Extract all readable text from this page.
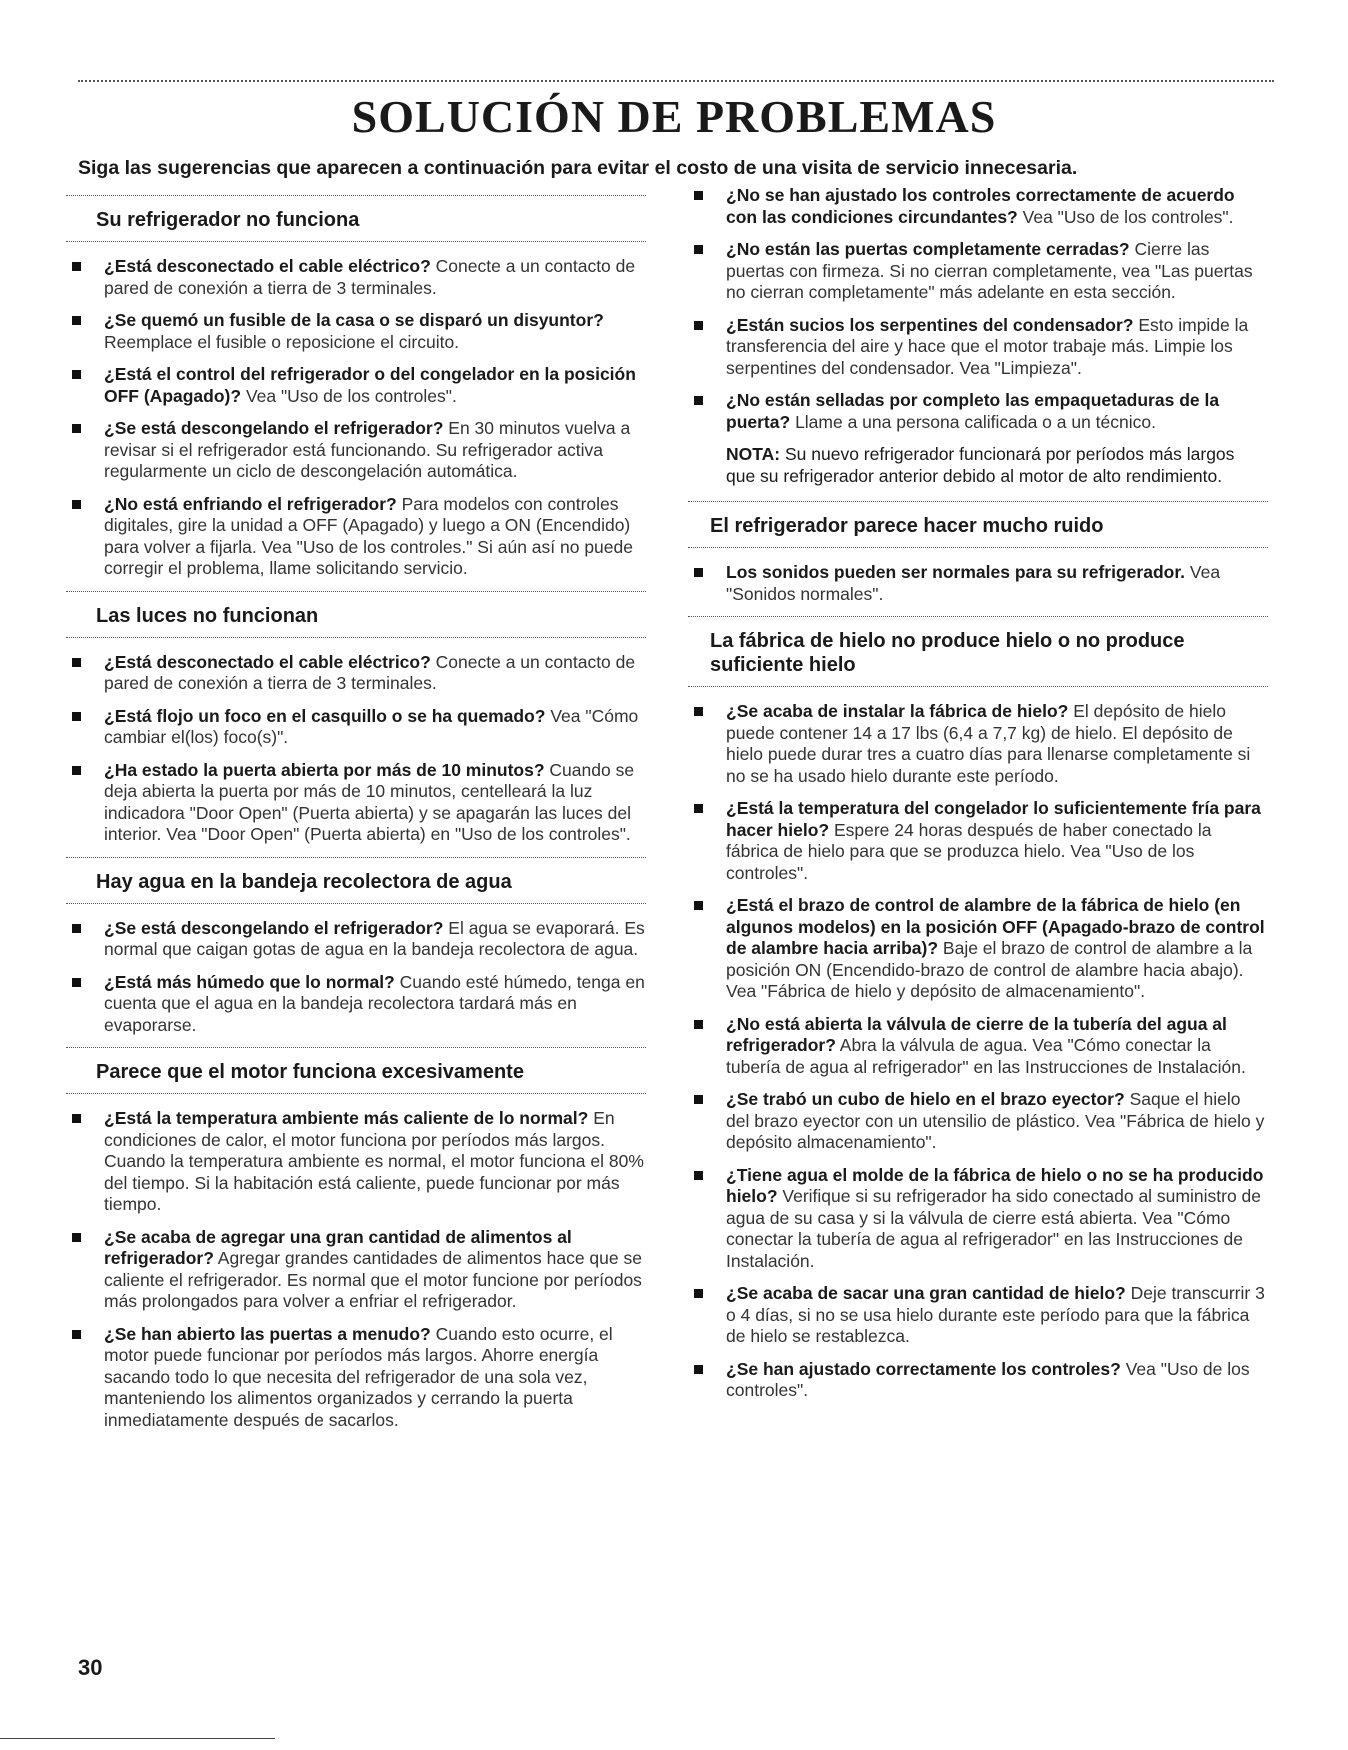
SOLUCIÓN DE PROBLEMAS

Siga las sugerencias que aparecen a continuación para evitar el costo de una visita de servicio innecesaria.

Su refrigerador no funciona
¿Está desconectado el cable eléctrico? Conecte a un contacto de pared de conexión a tierra de 3 terminales.
¿Se quemó un fusible de la casa o se disparó un disyuntor? Reemplace el fusible o reposicione el circuito.
¿Está el control del refrigerador o del congelador en la posición OFF (Apagado)? Vea "Uso de los controles".
¿Se está descongelando el refrigerador? En 30 minutos vuelva a revisar si el refrigerador está funcionando. Su refrigerador activa regularmente un ciclo de descongelación automática.
¿No está enfriando el refrigerador? Para modelos con controles digitales, gire la unidad a OFF (Apagado) y luego a ON (Encendido) para volver a fijarla. Vea "Uso de los controles." Si aún así no puede corregir el problema, llame solicitando servicio.
Las luces no funcionan
¿Está desconectado el cable eléctrico? Conecte a un contacto de pared de conexión a tierra de 3 terminales.
¿Está flojo un foco en el casquillo o se ha quemado? Vea "Cómo cambiar el(los) foco(s)".
¿Ha estado la puerta abierta por más de 10 minutos? Cuando se deja abierta la puerta por más de 10 minutos, centelleará la luz indicadora "Door Open" (Puerta abierta) y se apagarán las luces del interior. Vea "Door Open" (Puerta abierta) en "Uso de los controles".
Hay agua en la bandeja recolectora de agua
¿Se está descongelando el refrigerador? El agua se evaporará. Es normal que caigan gotas de agua en la bandeja recolectora de agua.
¿Está más húmedo que lo normal? Cuando esté húmedo, tenga en cuenta que el agua en la bandeja recolectora tardará más en evaporarse.
Parece que el motor funciona excesivamente
¿Está la temperatura ambiente más caliente de lo normal? En condiciones de calor, el motor funciona por períodos más largos. Cuando la temperatura ambiente es normal, el motor funciona el 80% del tiempo. Si la habitación está caliente, puede funcionar por más tiempo.
¿Se acaba de agregar una gran cantidad de alimentos al refrigerador? Agregar grandes cantidades de alimentos hace que se caliente el refrigerador. Es normal que el motor funcione por períodos más prolongados para volver a enfriar el refrigerador.
¿Se han abierto las puertas a menudo? Cuando esto ocurre, el motor puede funcionar por períodos más largos. Ahorre energía sacando todo lo que necesita del refrigerador de una sola vez, manteniendo los alimentos organizados y cerrando la puerta inmediatamente después de sacarlos.
¿No se han ajustado los controles correctamente de acuerdo con las condiciones circundantes? Vea "Uso de los controles".
¿No están las puertas completamente cerradas? Cierre las puertas con firmeza. Si no cierran completamente, vea "Las puertas no cierran completamente" más adelante en esta sección.
¿Están sucios los serpentines del condensador? Esto impide la transferencia del aire y hace que el motor trabaje más. Limpie los serpentines del condensador. Vea "Limpieza".
¿No están selladas por completo las empaquetaduras de la puerta? Llame a una persona calificada o a un técnico.

NOTA: Su nuevo refrigerador funcionará por períodos más largos que su refrigerador anterior debido al motor de alto rendimiento.

El refrigerador parece hacer mucho ruido
Los sonidos pueden ser normales para su refrigerador. Vea "Sonidos normales".
La fábrica de hielo no produce hielo o no produce suficiente hielo
¿Se acaba de instalar la fábrica de hielo? El depósito de hielo puede contener 14 a 17 lbs (6,4 a 7,7 kg) de hielo. El depósito de hielo puede durar tres a cuatro días para llenarse completamente si no se ha usado hielo durante este período.
¿Está la temperatura del congelador lo suficientemente fría para hacer hielo? Espere 24 horas después de haber conectado la fábrica de hielo para que se produzca hielo. Vea "Uso de los controles".
¿Está el brazo de control de alambre de la fábrica de hielo (en algunos modelos) en la posición OFF (Apagado-brazo de control de alambre hacia arriba)? Baje el brazo de control de alambre a la posición ON (Encendido-brazo de control de alambre hacia abajo). Vea "Fábrica de hielo y depósito de almacenamiento".
¿No está abierta la válvula de cierre de la tubería del agua al refrigerador? Abra la válvula de agua. Vea "Cómo conectar la tubería de agua al refrigerador" en las Instrucciones de Instalación.
¿Se trabó un cubo de hielo en el brazo eyector? Saque el hielo del brazo eyector con un utensilio de plástico. Vea "Fábrica de hielo y depósito almacenamiento".
¿Tiene agua el molde de la fábrica de hielo o no se ha producido hielo? Verifique si su refrigerador ha sido conectado al suministro de agua de su casa y si la válvula de cierre está abierta. Vea "Cómo conectar la tubería de agua al refrigerador" en las Instrucciones de Instalación.
¿Se acaba de sacar una gran cantidad de hielo? Deje transcurrir 3 o 4 días, si no se usa hielo durante este período para que la fábrica de hielo se restablezca.
¿Se han ajustado correctamente los controles? Vea "Uso de los controles".
30
